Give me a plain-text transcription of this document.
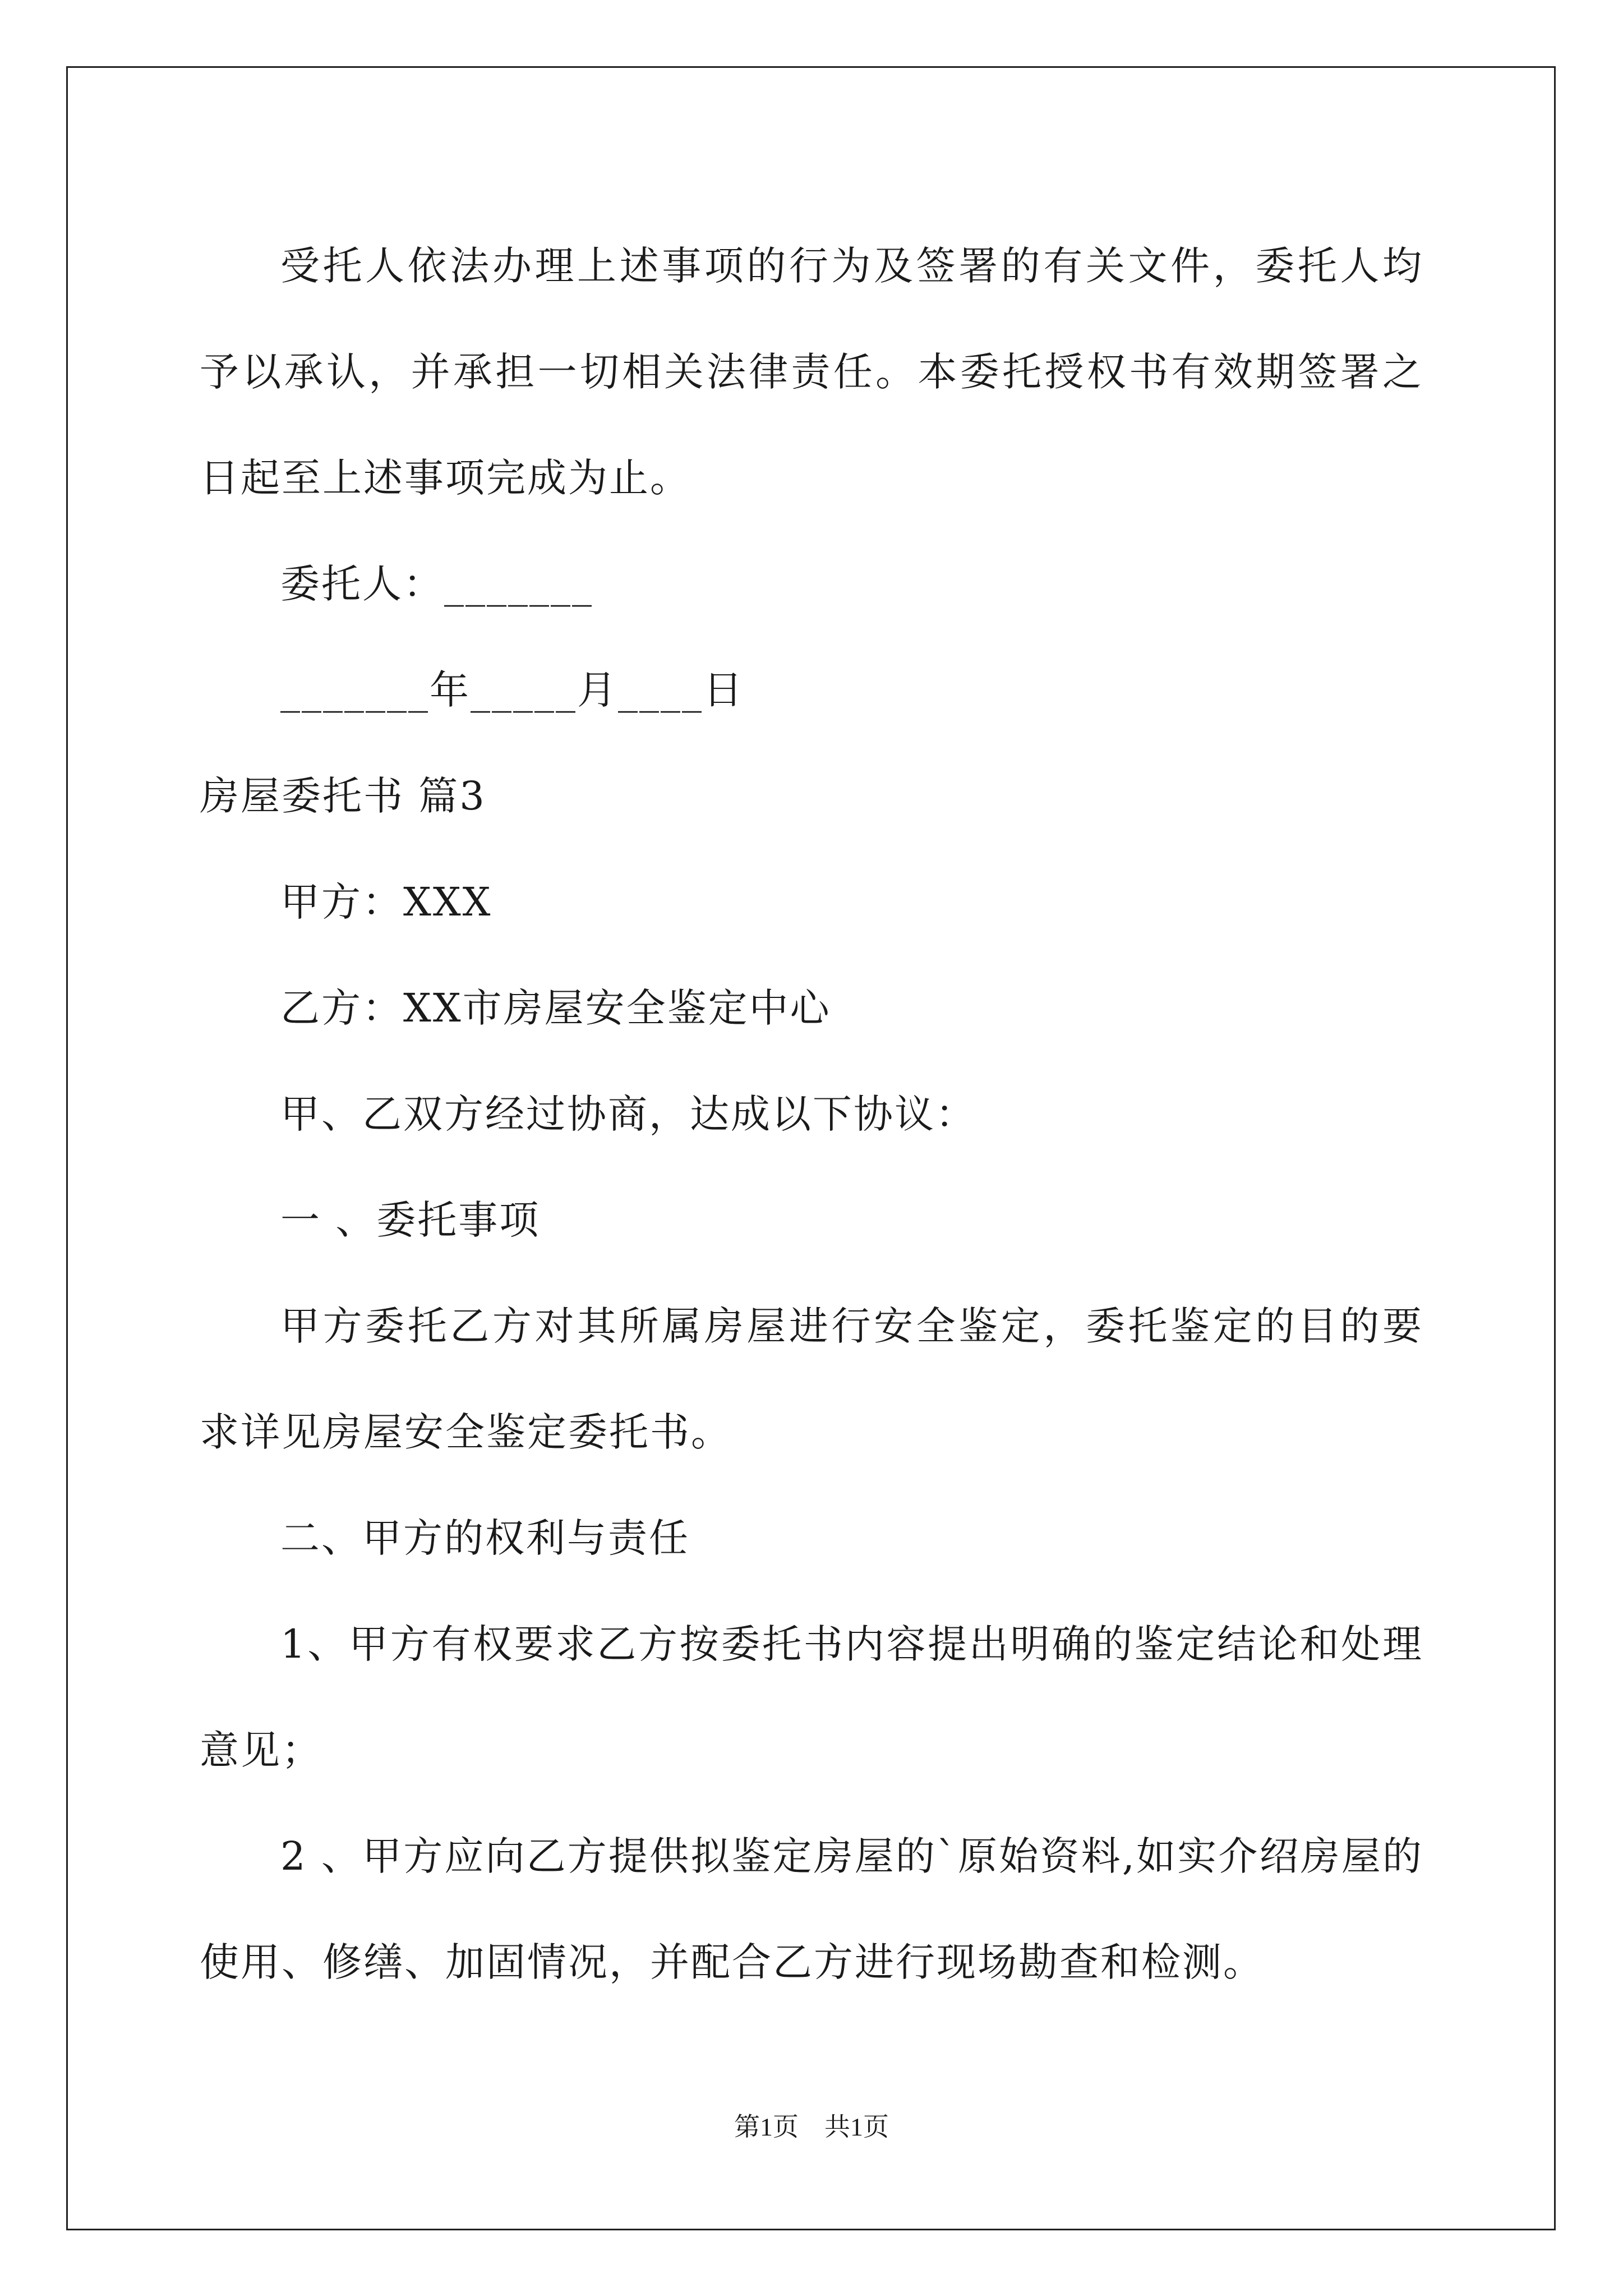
受托人依法办理上述事项的行为及签署的有关文件，委托人均予以承认，并承担一切相关法律责任。本委托授权书有效期签署之日起至上述事项完成为止。

委托人：_______

_______年_____月____日

房屋委托书 篇3

甲方：XXX

乙方：XX市房屋安全鉴定中心

甲、乙双方经过协商，达成以下协议：

一 、委托事项

甲方委托乙方对其所属房屋进行安全鉴定，委托鉴定的目的要求详见房屋安全鉴定委托书。

二、甲方的权利与责任

1、甲方有权要求乙方按委托书内容提出明确的鉴定结论和处理意见；

2 、甲方应向乙方提供拟鉴定房屋的`原始资料,如实介绍房屋的使用、修缮、加固情况，并配合乙方进行现场勘查和检测。

第1页　共1页
